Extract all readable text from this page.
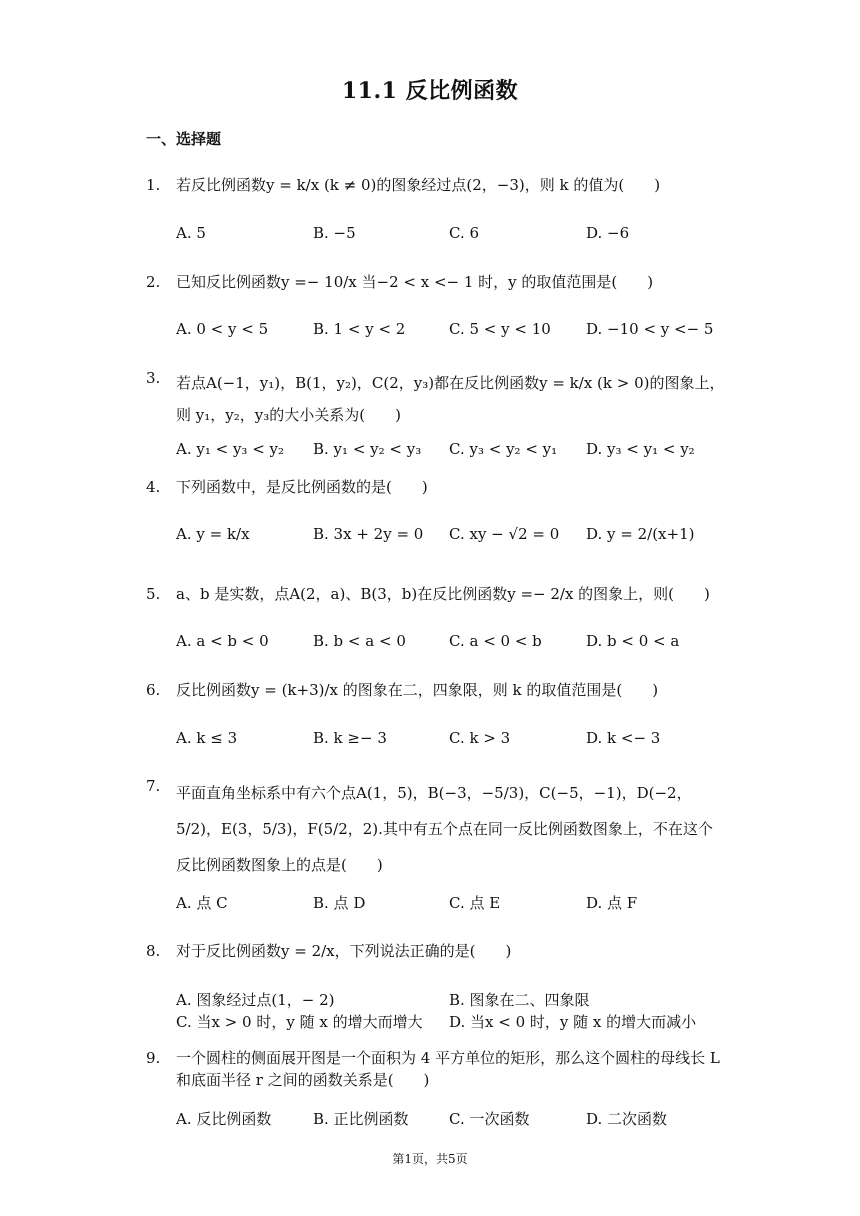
11.1 反比例函数
一、选择题
1.	若反比例函数y = k/x (k ≠ 0)的图象经过点(2，−3)，则 k 的值为(　　)
A. 5	B. −5	C. 6	D. −6
2.	已知反比例函数y =− 10/x 当−2 < x <− 1 时，y 的取值范围是(　　)
A. 0 < y < 5	B. 1 < y < 2	C. 5 < y < 10 D. −10 < y <− 5
3.	若点A(−1，y₁)，B(1，y₂)，C(2，y₃)都在反比例函数y = k/x (k > 0)的图象上，则 y₁，y₂，y₃的大小关系为(　　)
A. y₁ < y₃ < y₂ B. y₁ < y₂ < y₃ C. y₃ < y₂ < y₁ D. y₃ < y₁ < y₂
4.	下列函数中，是反比例函数的是(　　)
A. y = k/x	B. 3x + 2y = 0 C. xy − √2 = 0 D. y = 2/(x+1)
5.	a、b 是实数，点A(2，a)、B(3，b)在反比例函数y =− 2/x 的图象上，则(　　)
A. a < b < 0	B. b < a < 0	C. a < 0 < b	D. b < 0 < a
6.	反比例函数y = (k+3)/x 的图象在二，四象限，则 k 的取值范围是(　　)
A. k ≤ 3	B. k ≥− 3	C. k > 3	D. k <− 3
7.	平面直角坐标系中有六个点A(1，5)，B(−3，−5/3)，C(−5，−1)，D(−2，5/2)，E(3，5/3)，F(5/2，2).其中有五个点在同一反比例函数图象上，不在这个反比例函数图象上的点是(　　)
A. 点 C	B. 点 D	C. 点 E	D. 点 F
8.	对于反比例函数y = 2/x，下列说法正确的是(　　)
A. 图象经过点(1，− 2)	B. 图象在二、四象限
C. 当x > 0 时，y 随 x 的增大而增大 D. 当x < 0 时，y 随 x 的增大而减小
9.	一个圆柱的侧面展开图是一个面积为 4 平方单位的矩形，那么这个圆柱的母线长 L 和底面半径 r 之间的函数关系是(　　)
A. 反比例函数	B. 正比例函数	C. 一次函数	D. 二次函数
第1页，共5页
